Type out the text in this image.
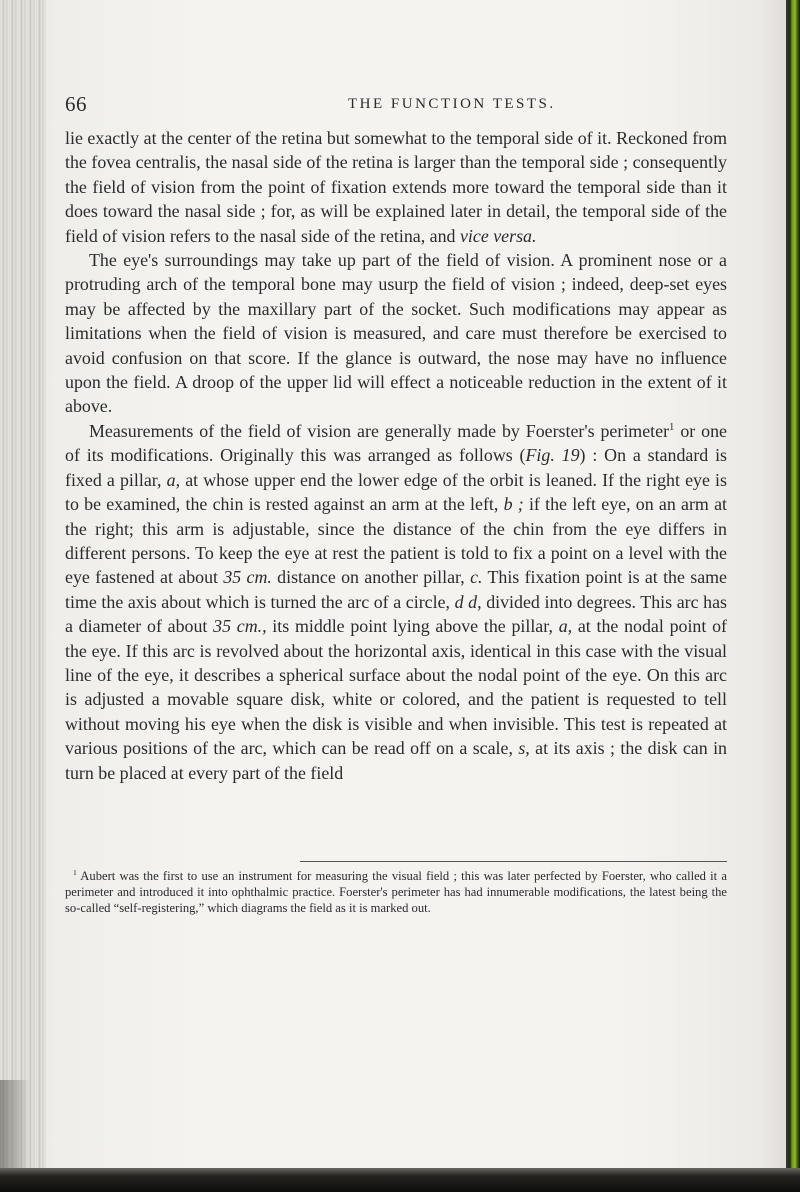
66	THE FUNCTION TESTS.

lie exactly at the center of the retina but somewhat to the temporal side of it. Reckoned from the fovea centralis, the nasal side of the retina is larger than the temporal side ; consequently the field of vision from the point of fixation extends more toward the temporal side than it does toward the nasal side ; for, as will be explained later in detail, the temporal side of the field of vision refers to the nasal side of the retina, and vice versa.

The eye's surroundings may take up part of the field of vision. A prominent nose or a protruding arch of the temporal bone may usurp the field of vision ; indeed, deep-set eyes may be affected by the maxillary part of the socket. Such modifications may appear as limitations when the field of vision is measured, and care must therefore be exercised to avoid confusion on that score. If the glance is outward, the nose may have no influence upon the field. A droop of the upper lid will effect a noticeable reduction in the extent of it above.

Measurements of the field of vision are generally made by Foerster's perimeter$^1$ or one of its modifications. Originally this was arranged as follows (Fig. 19) : On a standard is fixed a pillar, a, at whose upper end the lower edge of the orbit is leaned. If the right eye is to be examined, the chin is rested against an arm at the left, b ; if the left eye, on an arm at the right; this arm is adjustable, since the distance of the chin from the eye differs in different persons. To keep the eye at rest the patient is told to fix a point on a level with the eye fastened at about 35 cm. distance on another pillar, c. This fixation point is at the same time the axis about which is turned the arc of a circle, d d, divided into degrees. This arc has a diameter of about 35 cm., its middle point lying above the pillar, a, at the nodal point of the eye. If this arc is revolved about the horizontal axis, identical in this case with the visual line of the eye, it describes a spherical surface about the nodal point of the eye. On this arc is adjusted a movable square disk, white or colored, and the patient is requested to tell without moving his eye when the disk is visible and when invisible. This test is repeated at various positions of the arc, which can be read off on a scale, s, at its axis ; the disk can in turn be placed at every part of the field

$^1$ Aubert was the first to use an instrument for measuring the visual field ; this was later perfected by Foerster, who called it a perimeter and introduced it into ophthalmic practice. Foerster's perimeter has had innumerable modifications, the latest being the so-called “self-registering,” which diagrams the field as it is marked out.
